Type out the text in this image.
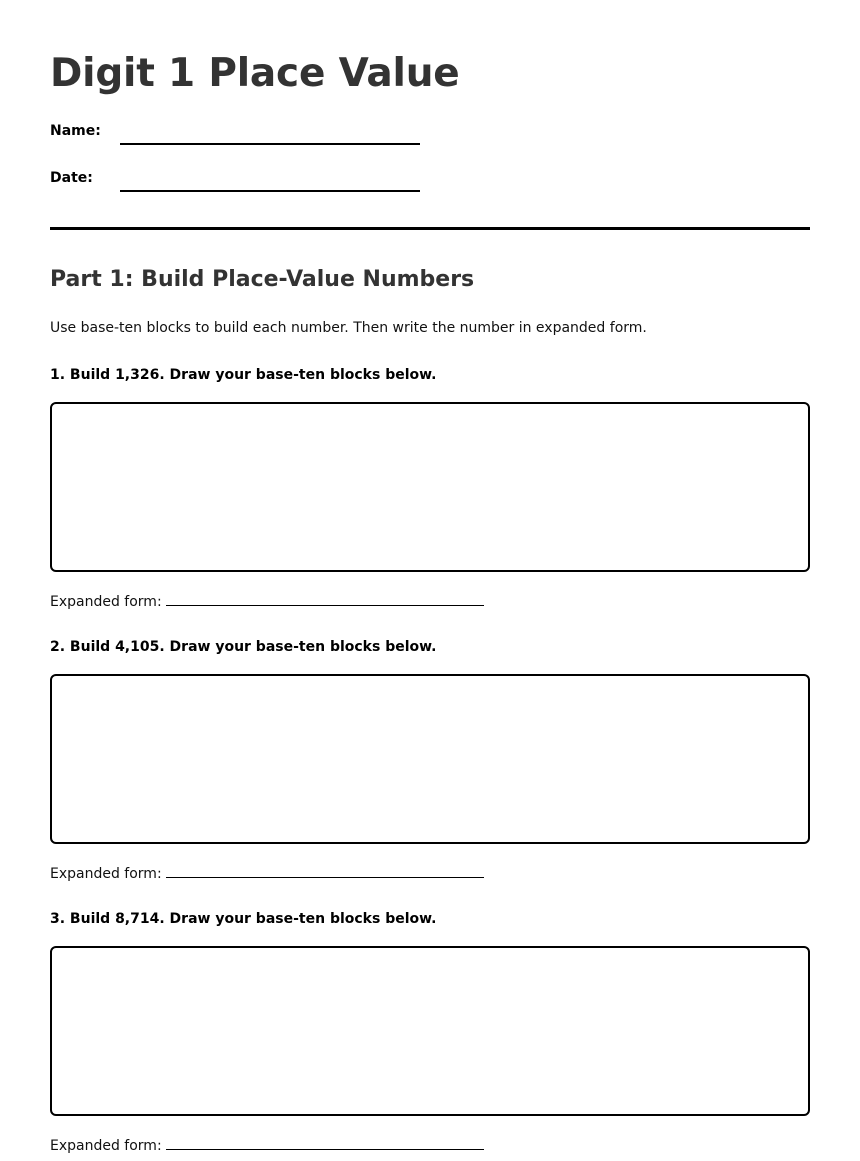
Digit 1 Place Value
Name:
Date:
Part 1: Build Place-Value Numbers
Use base-ten blocks to build each number. Then write the number in expanded form.
1. Build 1,326. Draw your base-ten blocks below.
Expanded form:
2. Build 4,105. Draw your base-ten blocks below.
Expanded form:
3. Build 8,714. Draw your base-ten blocks below.
Expanded form:
